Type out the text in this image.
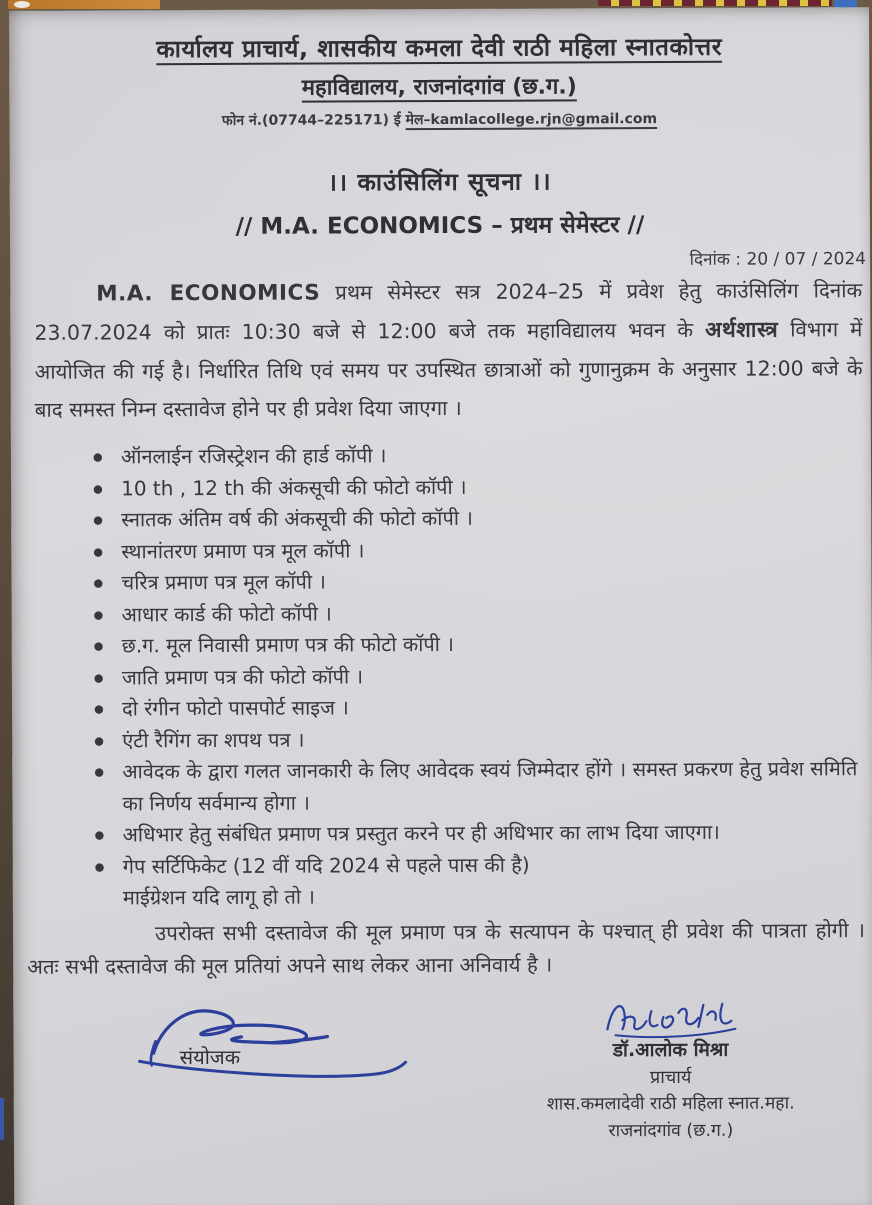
कार्यालय प्राचार्य, शासकीय कमला देवी राठी महिला स्नातकोत्तर
महाविद्यालय, राजनांदगांव (छ.ग.)
फोन नं.(07744–225171) ई मेल–kamlacollege.rjn@gmail.com
।। काउंसिलिंग सूचना ।।
// M.A. ECONOMICS – प्रथम सेमेस्टर //
दिनांक : 20 / 07 / 2024
M.A. ECONOMICS प्रथम सेमेस्टर सत्र 2024–25 में प्रवेश हेतु काउंसिलिंग दिनांक 23.07.2024 को प्रातः 10:30 बजे से 12:00 बजे तक महाविद्यालय भवन के अर्थशास्त्र विभाग में आयोजित की गई है। निर्धारित तिथि एवं समय पर उपस्थित छात्राओं को गुणानुक्रम के अनुसार 12:00 बजे के बाद समस्त निम्न दस्तावेज होने पर ही प्रवेश दिया जाएगा ।
● ऑनलाईन रजिस्ट्रेशन की हार्ड कॉपी ।
● 10 th , 12 th की अंकसूची की फोटो कॉपी ।
● स्नातक अंतिम वर्ष की अंकसूची की फोटो कॉपी ।
● स्थानांतरण प्रमाण पत्र मूल कॉपी ।
● चरित्र प्रमाण पत्र मूल कॉपी ।
● आधार कार्ड की फोटो कॉपी ।
● छ.ग. मूल निवासी प्रमाण पत्र की फोटो कॉपी ।
● जाति प्रमाण पत्र की फोटो कॉपी ।
● दो रंगीन फोटो पासपोर्ट साइज ।
● एंटी रैगिंग का शपथ पत्र ।
● आवेदक के द्वारा गलत जानकारी के लिए आवेदक स्वयं जिम्मेदार होंगे । समस्त प्रकरण हेतु प्रवेश समिति का निर्णय सर्वमान्य होगा ।
● अधिभार हेतु संबंधित प्रमाण पत्र प्रस्तुत करने पर ही अधिभार का लाभ दिया जाएगा।
● गेप सर्टिफिकेट (12 वीं यदि 2024 से पहले पास की है)
माईग्रेशन यदि लागू हो तो ।
उपरोक्त सभी दस्तावेज की मूल प्रमाण पत्र के सत्यापन के पश्चात् ही प्रवेश की पात्रता होगी । अतः सभी दस्तावेज की मूल प्रतियां अपने साथ लेकर आना अनिवार्य है ।
संयोजक	डॉ.आलोक मिश्रा
प्राचार्य
शास.कमलादेवी राठी महिला स्नात.महा.
राजनांदगांव (छ.ग.)
